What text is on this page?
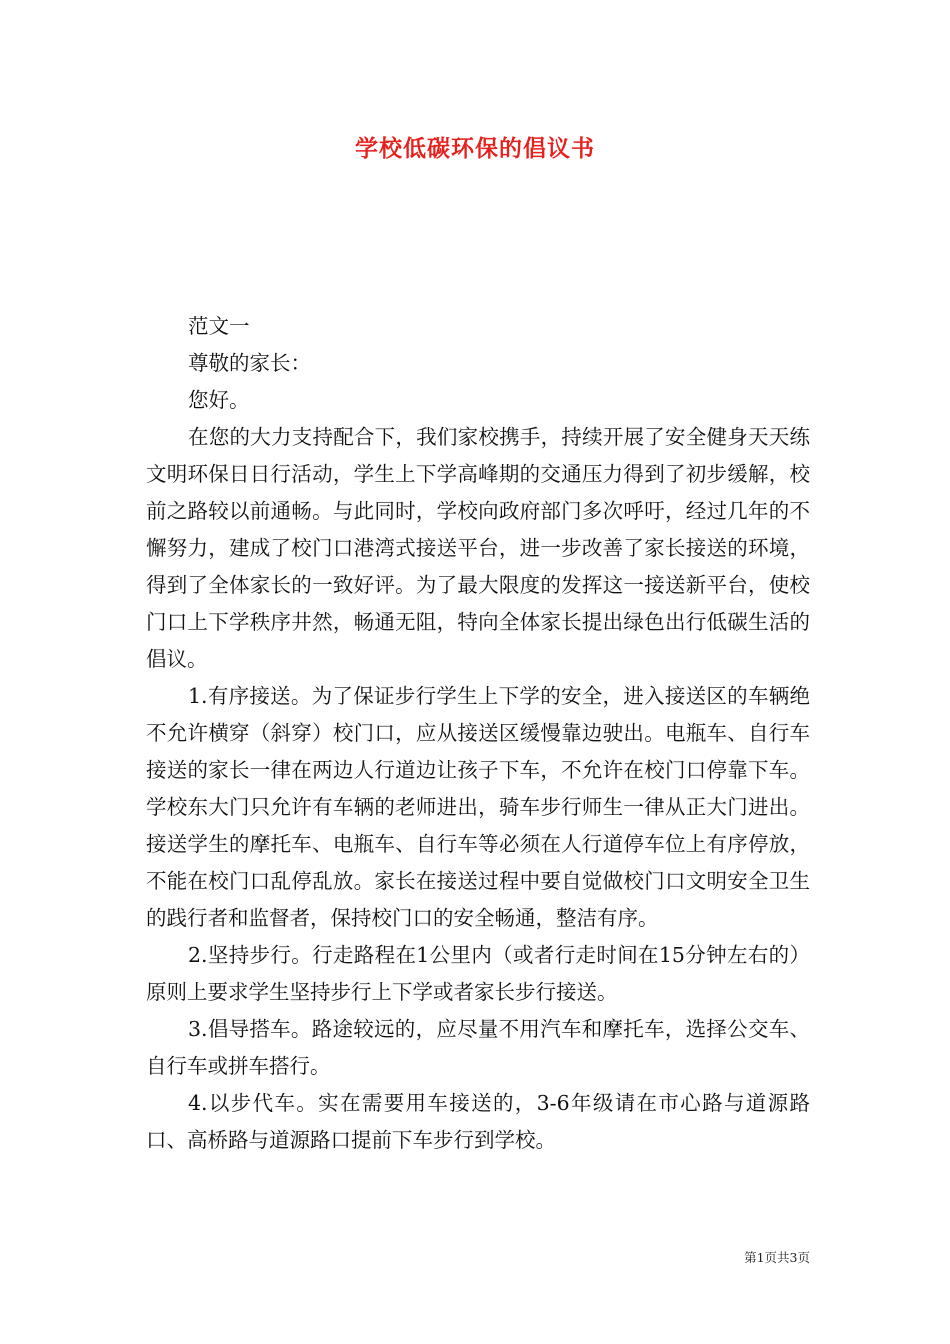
学校低碳环保的倡议书
范文一
尊敬的家长：
您好。

在您的大力支持配合下，我们家校携手，持续开展了安全健身天天练文明环保日日行活动，学生上下学高峰期的交通压力得到了初步缓解，校前之路较以前通畅。与此同时，学校向政府部门多次呼吁，经过几年的不懈努力，建成了校门口港湾式接送平台，进一步改善了家长接送的环境，得到了全体家长的一致好评。为了最大限度的发挥这一接送新平台，使校门口上下学秩序井然，畅通无阻，特向全体家长提出绿色出行低碳生活的倡议。

1.有序接送。为了保证步行学生上下学的安全，进入接送区的车辆绝不允许横穿（斜穿）校门口，应从接送区缓慢靠边驶出。电瓶车、自行车接送的家长一律在两边人行道边让孩子下车，不允许在校门口停靠下车。学校东大门只允许有车辆的老师进出，骑车步行师生一律从正大门进出。接送学生的摩托车、电瓶车、自行车等必须在人行道停车位上有序停放，不能在校门口乱停乱放。家长在接送过程中要自觉做校门口文明安全卫生的践行者和监督者，保持校门口的安全畅通，整洁有序。

2.坚持步行。行走路程在1公里内（或者行走时间在15分钟左右的）原则上要求学生坚持步行上下学或者家长步行接送。

3.倡导搭车。路途较远的，应尽量不用汽车和摩托车，选择公交车、自行车或拼车搭行。

4.以步代车。实在需要用车接送的，3-6年级请在市心路与道源路口、高桥路与道源路口提前下车步行到学校。

第1页共3页
